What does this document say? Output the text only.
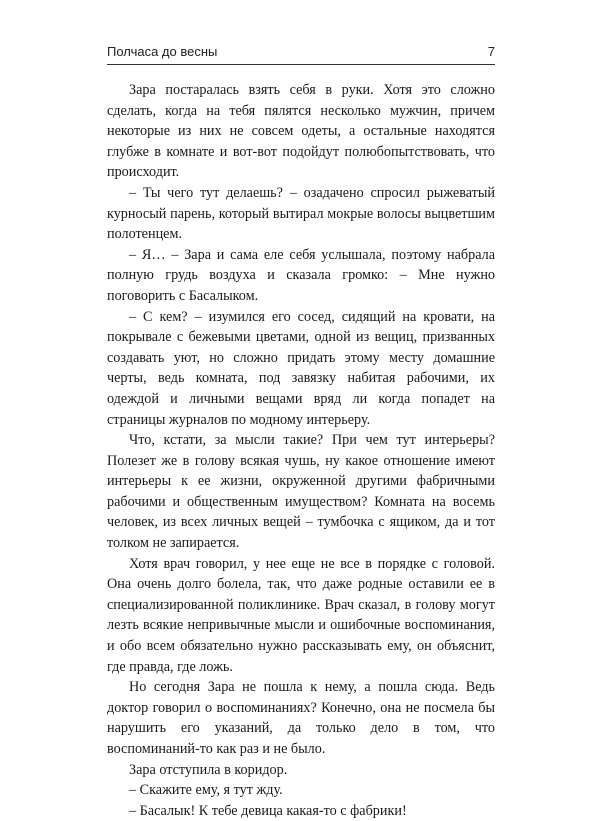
Полчаса до весны	7

Зара постаралась взять себя в руки. Хотя это сложно сделать, когда на тебя пялятся несколько мужчин, причем некоторые из них не совсем одеты, а остальные находятся глубже в комнате и вот-вот подойдут полюбопытствовать, что происходит.

– Ты чего тут делаешь? – озадачено спросил рыжеватый курносый парень, который вытирал мокрые волосы выцветшим полотенцем.

– Я… – Зара и сама еле себя услышала, поэтому набрала полную грудь воздуха и сказала громко: – Мне нужно поговорить с Басалыком.

– С кем? – изумился его сосед, сидящий на кровати, на покрывале с бежевыми цветами, одной из вещиц, призванных создавать уют, но сложно придать этому месту домашние черты, ведь комната, под завязку набитая рабочими, их одеждой и личными вещами вряд ли когда попадет на страницы журналов по модному интерьеру.

Что, кстати, за мысли такие? При чем тут интерьеры? Полезет же в голову всякая чушь, ну какое отношение имеют интерьеры к ее жизни, окруженной другими фабричными рабочими и общественным имуществом? Комната на восемь человек, из всех личных вещей – тумбочка с ящиком, да и тот толком не запирается.

Хотя врач говорил, у нее еще не все в порядке с головой. Она очень долго болела, так, что даже родные оставили ее в специализированной поликлинике. Врач сказал, в голову могут лезть всякие непривычные мысли и ошибочные воспоминания, и обо всем обязательно нужно рассказывать ему, он объяснит, где правда, где ложь.

Но сегодня Зара не пошла к нему, а пошла сюда. Ведь доктор говорил о воспоминаниях? Конечно, она не посмела бы нарушить его указаний, да только дело в том, что воспоминаний-то как раз и не было.

Зара отступила в коридор.

– Скажите ему, я тут жду.

– Басалык! К тебе девица какая-то с фабрики!
